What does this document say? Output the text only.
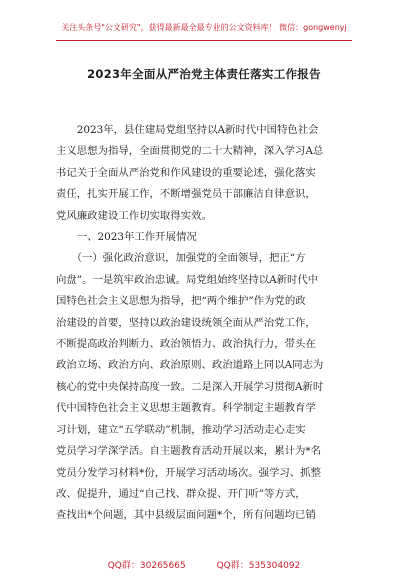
关注头条号"公文研究"，获得最新最全最专业的公文资料库！ 微信：gongwenyj
2023年全面从严治党主体责任落实工作报告
　　2023年，县住建局党组坚持以A新时代中国特色社会
主义思想为指导，全面贯彻党的二十大精神，深入学习A总
书记关于全面从严治党和作风建设的重要论述，强化落实
责任，扎实开展工作，不断增强党员干部廉洁自律意识，
党风廉政建设工作切实取得实效。
　　一、2023年工作开展情况
　　（一）强化政治意识，加强党的全面领导，把正“方
向盘”。一是筑牢政治忠诚。局党组始终坚持以A新时代中
国特色社会主义思想为指导，把“两个维护”作为党的政
治建设的首要，坚持以政治建设统领全面从严治党工作，
不断提高政治判断力、政治领悟力、政治执行力，带头在
政治立场、政治方向、政治原则、政治道路上同以A同志为
核心的党中央保持高度一致。二是深入开展学习贯彻A新时
代中国特色社会主义思想主题教育。科学制定主题教育学
习计划，建立“五学联动”机制，推动学习活动走心走实
党员学习学深学活。自主题教育活动开展以来，累计为*名
党员分发学习材料*份，开展学习活动场次。强学习、抓整
改、促提升，通过“自己找、群众提、开门听”等方式，
查找出*个问题，其中县级层面问题*个，所有问题均已销
QQ群：30265665	QQ群：535304092
